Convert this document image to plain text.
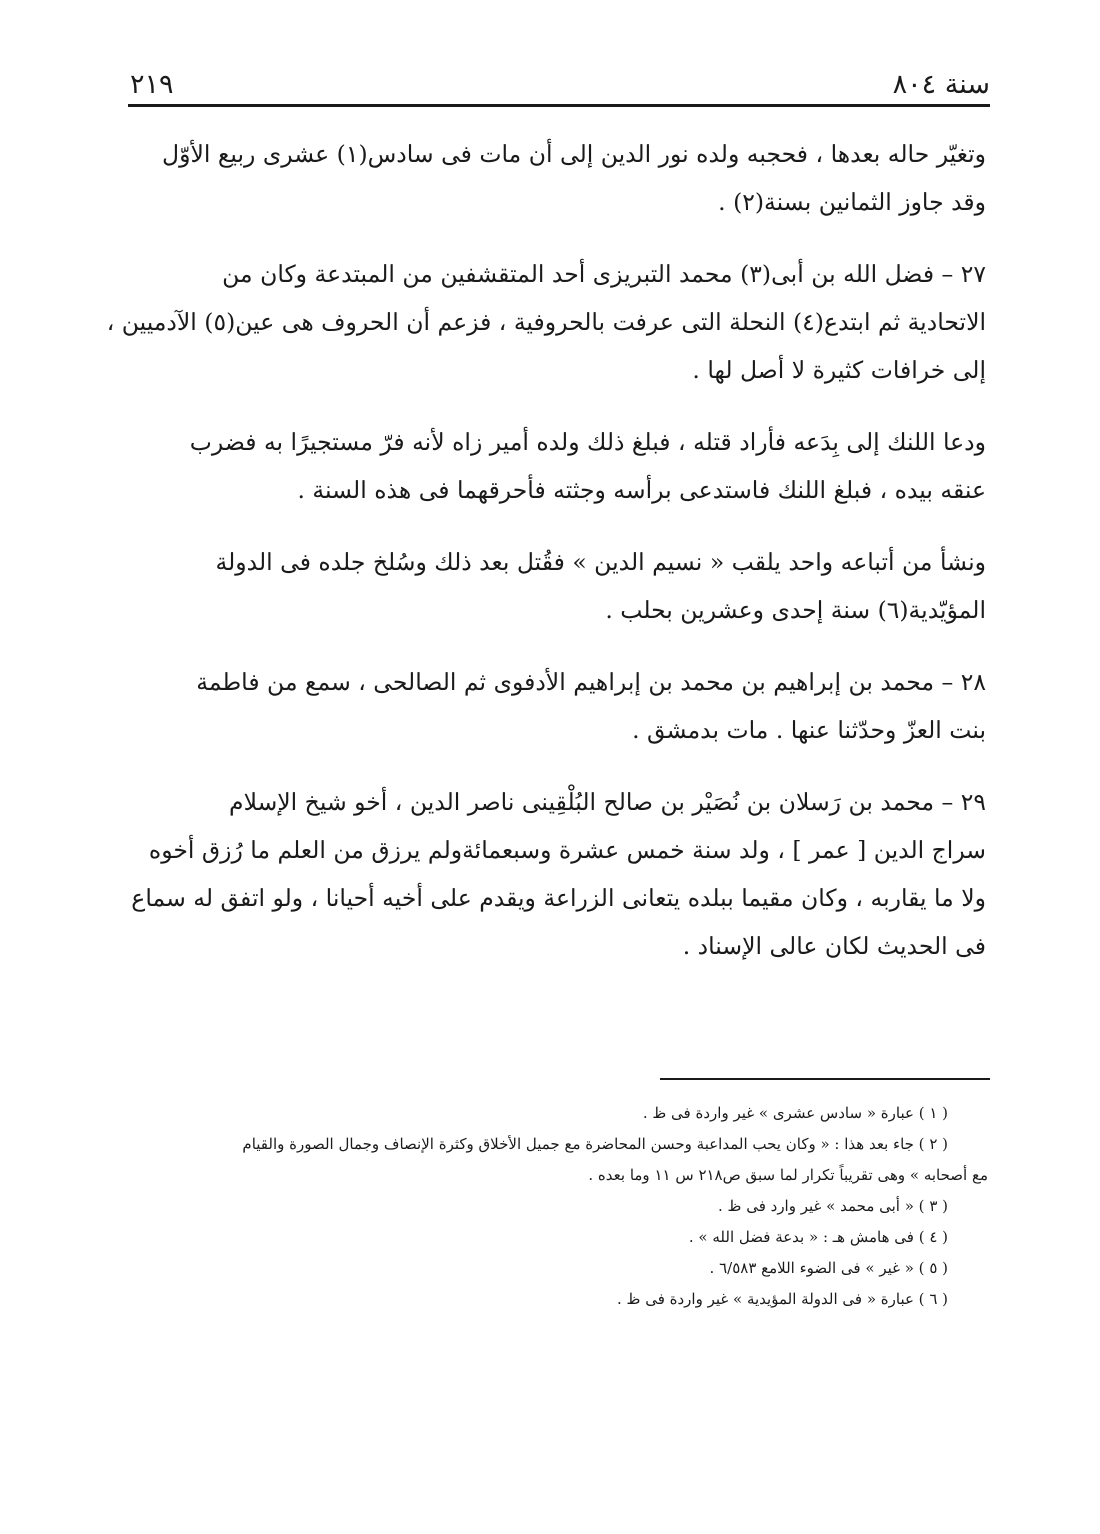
سنة ٨٠٤
٢١٩
وتغيّر حاله بعدها ، فحجبه ولده نور الدين إلى أن مات فى سادس(١) عشرى ربيع الأوّل
وقد جاوز الثمانين بسنة(٢) .
٢٧ – فضل الله بن أبى(٣) محمد التبريزى أحد المتقشفين من المبتدعة وكان من
الاتحادية ثم ابتدع(٤) النحلة التى عرفت بالحروفية ، فزعم أن الحروف هى عين(٥) الآدميين ،
إلى خرافات كثيرة لا أصل لها .
ودعا اللنك إلى بِدَعه فأراد قتله ، فبلغ ذلك ولده أمير زاه لأنه فرّ مستجيرًا به فضرب
عنقه بيده ، فبلغ اللنك فاستدعى برأسه وجثته فأحرقهما فى هذه السنة .
ونشأ من أتباعه واحد يلقب « نسيم الدين » فقُتل بعد ذلك وسُلخ جلده فى الدولة
المؤيّدية(٦) سنة إحدى وعشرين بحلب .
٢٨ – محمد بن إبراهيم بن محمد بن إبراهيم الأدفوى ثم الصالحى ، سمع من فاطمة
بنت العزّ وحدّثنا عنها . مات بدمشق .
٢٩ – محمد بن رَسلان بن نُصَيْر بن صالح البُلْقِينى ناصر الدين ، أخو شيخ الإسلام
سراج الدين [ عمر ] ، ولد سنة خمس عشرة وسبعمائةولم يرزق من العلم ما رُزق أخوه
ولا ما يقاربه ، وكان مقيما ببلده يتعانى الزراعة ويقدم على أخيه أحيانا ، ولو اتفق له سماع
فى الحديث لكان عالى الإسناد .
( ١ ) عبارة « سادس عشرى » غير واردة فى ظ .
( ٢ ) جاء بعد هذا : « وكان يحب المداعبة وحسن المحاضرة مع جميل الأخلاق وكثرة الإنصاف وجمال الصورة والقيام
مع أصحابه » وهى تقريباً تكرار لما سبق ص٢١٨ س ١١ وما بعده .
( ٣ ) « أبى محمد » غير وارد فى ظ .
( ٤ ) فى هامش هـ : « بدعة فضل الله » .
( ٥ ) « غير » فى الضوء اللامع ٦/٥٨٣ .
( ٦ ) عبارة « فى الدولة المؤيدية » غير واردة فى ظ .
